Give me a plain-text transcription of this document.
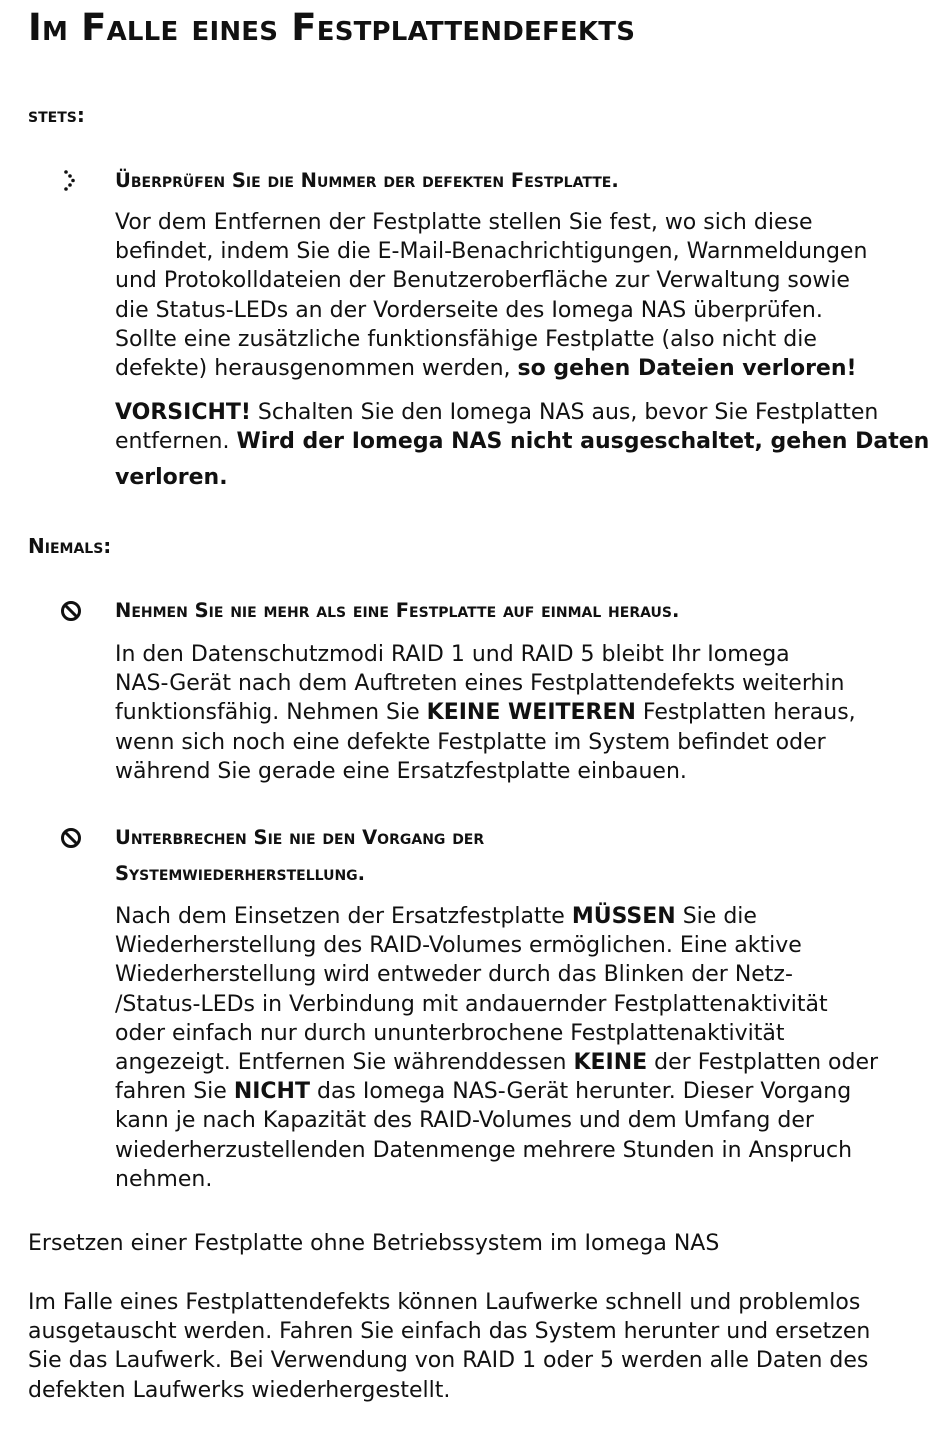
Im Falle eines Festplattendefekts
stets:
Überprüfen Sie die Nummer der defekten Festplatte.
Vor dem Entfernen der Festplatte stellen Sie fest, wo sich diese
befindet, indem Sie die E-Mail-Benachrichtigungen, Warnmeldungen
und Protokolldateien der Benutzeroberfläche zur Verwaltung sowie
die Status-LEDs an der Vorderseite des Iomega NAS überprüfen.
Sollte eine zusätzliche funktionsfähige Festplatte (also nicht die
defekte) herausgenommen werden, so gehen Dateien verloren!
VORSICHT! Schalten Sie den Iomega NAS aus, bevor Sie Festplatten
entfernen. Wird der Iomega NAS nicht ausgeschaltet, gehen Daten
verloren.
Niemals:
Nehmen Sie nie mehr als eine Festplatte auf einmal heraus.
In den Datenschutzmodi RAID 1 und RAID 5 bleibt Ihr Iomega
NAS-Gerät nach dem Auftreten eines Festplattendefekts weiterhin
funktionsfähig. Nehmen Sie KEINE WEITEREN Festplatten heraus,
wenn sich noch eine defekte Festplatte im System befindet oder
während Sie gerade eine Ersatzfestplatte einbauen.
Unterbrechen Sie nie den Vorgang der
Systemwiederherstellung.
Nach dem Einsetzen der Ersatzfestplatte MÜSSEN Sie die
Wiederherstellung des RAID-Volumes ermöglichen. Eine aktive
Wiederherstellung wird entweder durch das Blinken der Netz-
/Status-LEDs in Verbindung mit andauernder Festplattenaktivität
oder einfach nur durch ununterbrochene Festplattenaktivität
angezeigt. Entfernen Sie währenddessen KEINE der Festplatten oder
fahren Sie NICHT das Iomega NAS-Gerät herunter. Dieser Vorgang
kann je nach Kapazität des RAID-Volumes und dem Umfang der
wiederherzustellenden Datenmenge mehrere Stunden in Anspruch
nehmen.
Ersetzen einer Festplatte ohne Betriebssystem im Iomega NAS
Im Falle eines Festplattendefekts können Laufwerke schnell und problemlos
ausgetauscht werden. Fahren Sie einfach das System herunter und ersetzen
Sie das Laufwerk. Bei Verwendung von RAID 1 oder 5 werden alle Daten des
defekten Laufwerks wiederhergestellt.
